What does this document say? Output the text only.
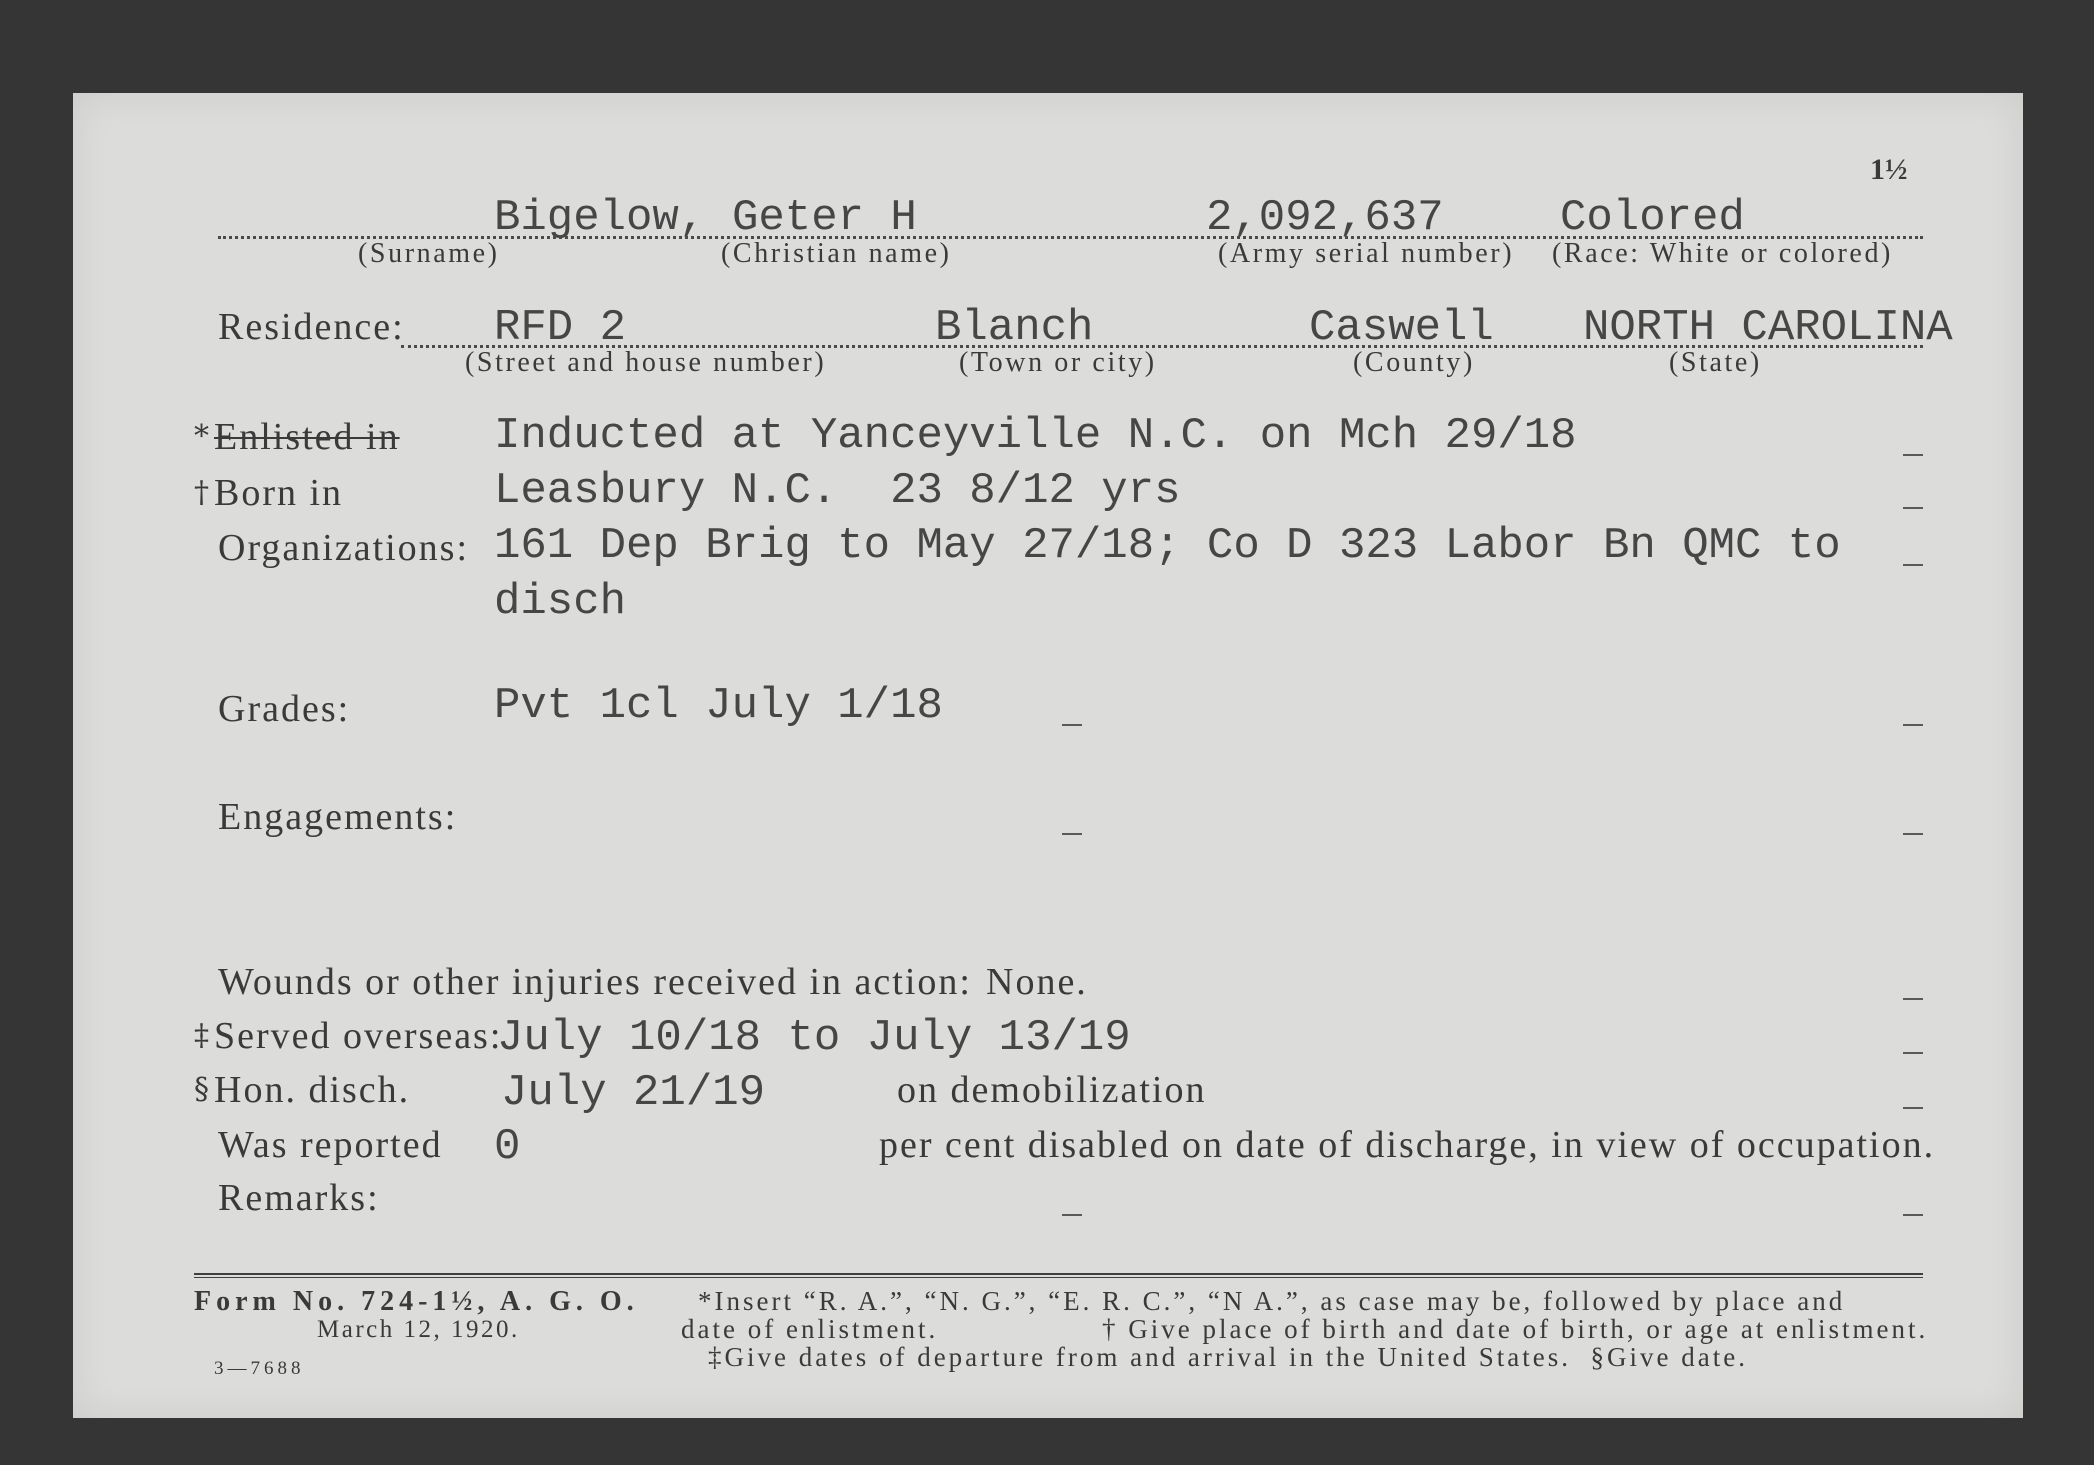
1½
Bigelow, Geter H	2,092,637	Colored
(Surname)	(Christian name)	(Army serial number) (Race: White or colored)
Residence: RFD 2	Blanch	Caswell NORTH CAROLINA
(Street and house number)	(Town or city)	(County)	(State)
* Enlisted in Inducted at Yanceyville N.C. on Mch 29/18
† Born in	Leasbury N.C.  23 8/12 yrs
Organizations: 161 Dep Brig to May 27/18; Co D 323 Labor Bn QMC to
disch
Grades:	Pvt 1cl July 1/18
Engagements:
Wounds or other injuries received in action: None.
‡ Served overseas:
July 10/18 to July 13/19
§ Hon. disch. July 21/19	on demobilization
Was reported 0	per cent disabled on date of discharge, in view of occupation.
Remarks:
Form No. 724-1½, A. G. O.
March 12, 1920.
3—7688
*Insert “R. A.”, “N. G.”, “E. R. C.”, “N A.”, as case may be, followed by place and
date of enlistment.	† Give place of birth and date of birth, or age at enlistment.
‡Give dates of departure from and arrival in the United States.  §Give date.
